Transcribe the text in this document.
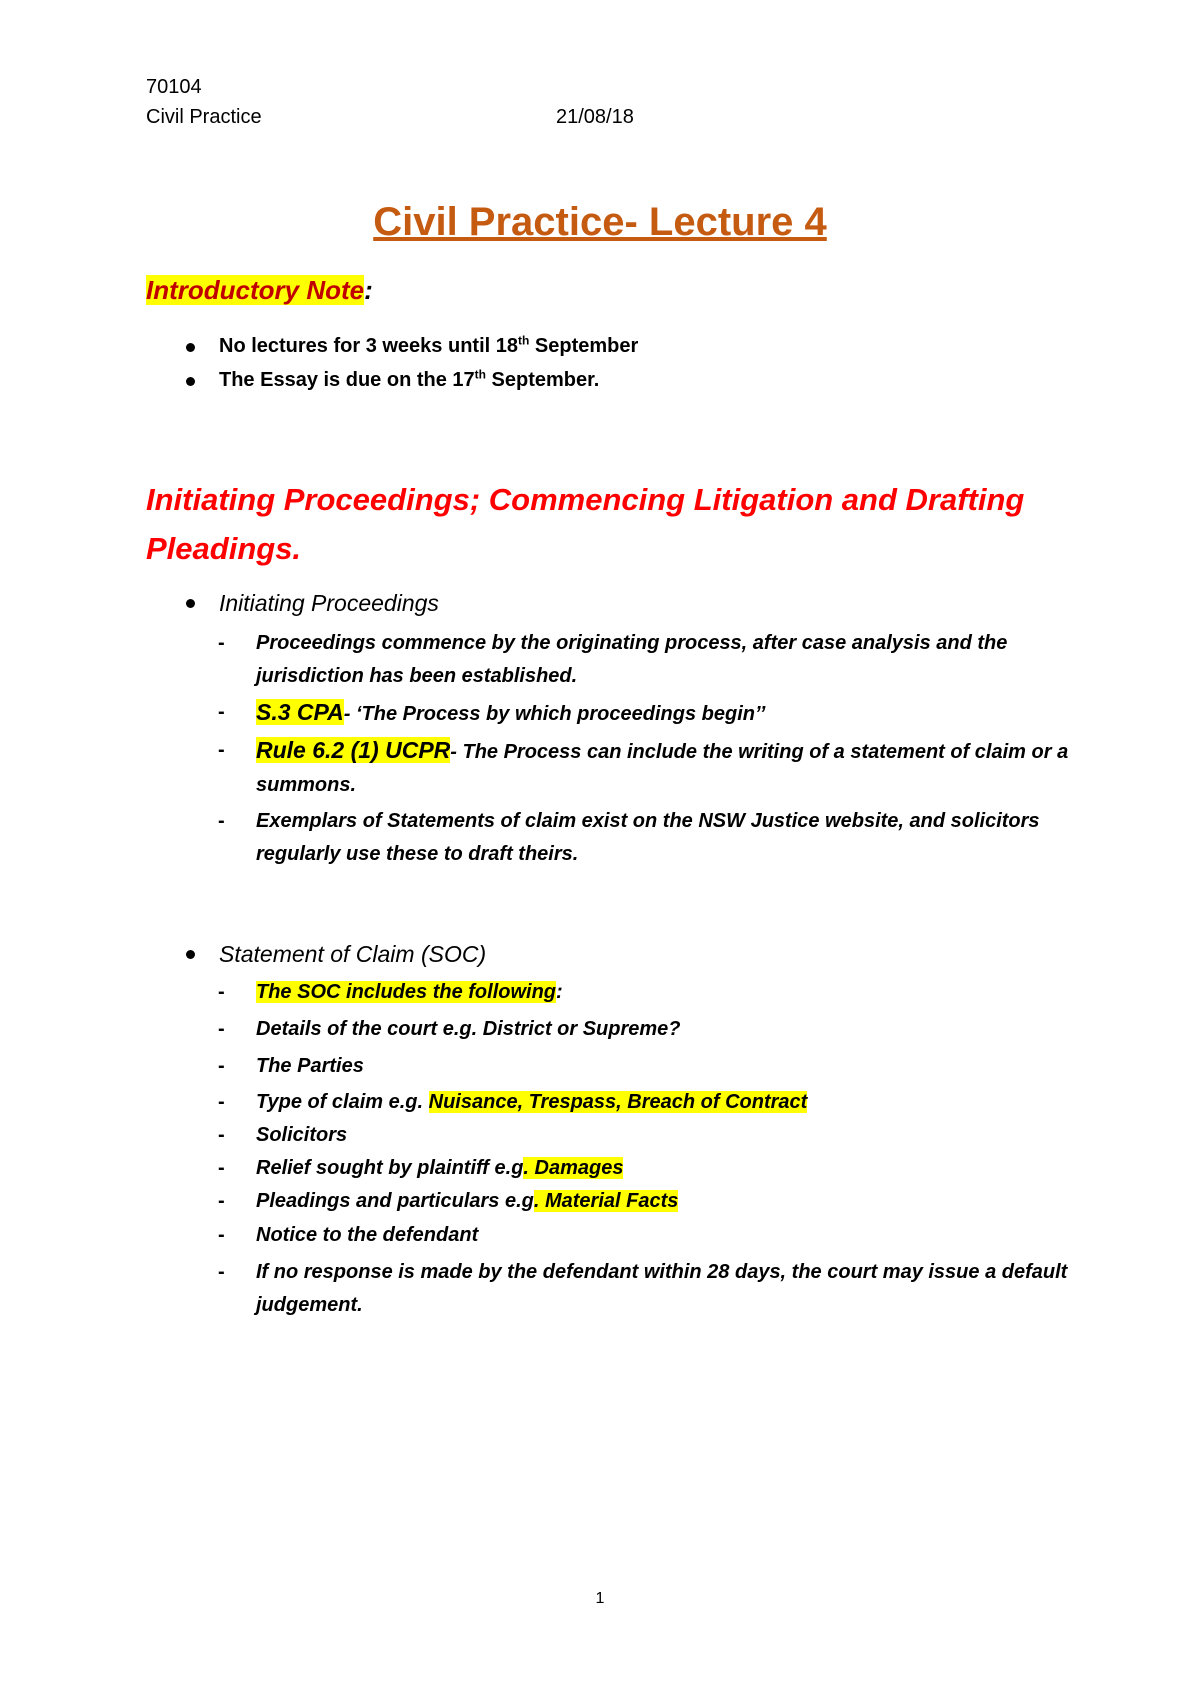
70104
Civil Practice	21/08/18
Civil Practice- Lecture 4
Introductory Note:
No lectures for 3 weeks until 18th September
The Essay is due on the 17th September.
Initiating Proceedings; Commencing Litigation and Drafting Pleadings.
Initiating Proceedings
- Proceedings commence by the originating process, after case analysis and the jurisdiction has been established.
- S.3 CPA- ‘The Process by which proceedings begin’’
- Rule 6.2 (1) UCPR- The Process can include the writing of a statement of claim or a summons.
- Exemplars of Statements of claim exist on the NSW Justice website, and solicitors regularly use these to draft theirs.
Statement of Claim (SOC)
- The SOC includes the following:
- Details of the court e.g. District or Supreme?
- The Parties
- Type of claim e.g. Nuisance, Trespass, Breach of Contract
- Solicitors
- Relief sought by plaintiff e.g. Damages
- Pleadings and particulars e.g. Material Facts
- Notice to the defendant
- If no response is made by the defendant within 28 days, the court may issue a default judgement.
1
